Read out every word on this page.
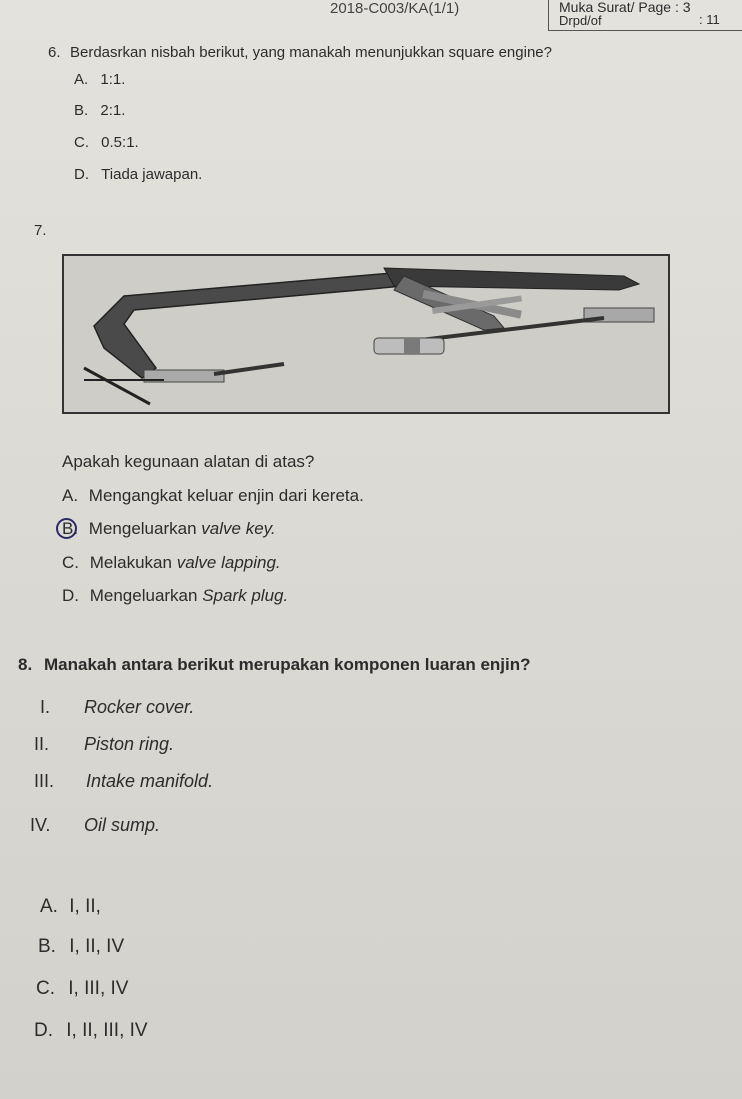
2018-C003/KA(1/1)	Muka Surat/ Page : 3
Drpd/of	: 11
6. Berdasrkan nisbah berikut, yang manakah menunjukkan square engine?
A. 1:1.
B. 2:1.
C. 0.5:1.
D. Tiada jawapan.
7.
Apakah kegunaan alatan di atas?
A. Mengangkat keluar enjin dari kereta.
B. Mengeluarkan valve key.
C. Melakukan valve lapping.
D. Mengeluarkan Spark plug.
8. Manakah antara berikut merupakan komponen luaran enjin?
I. Rocker cover.
II. Piston ring.
III. Intake manifold.
IV. Oil sump.
A. I, II,
B. I, II, IV
C. I, III, IV
D. I, II, III, IV
